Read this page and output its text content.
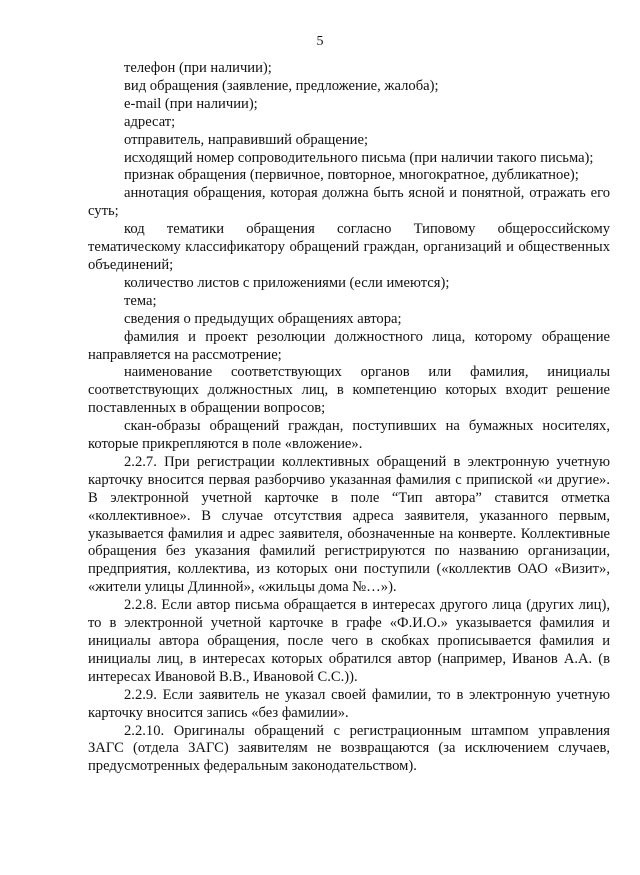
5

телефон (при наличии);

вид обращения (заявление, предложение, жалоба);

e-mail (при наличии);

адресат;

отправитель, направивший обращение;

исходящий номер сопроводительного письма (при наличии такого письма);

признак обращения (первичное, повторное, многократное, дубликатное);

аннотация обращения, которая должна быть ясной и понятной, отражать его суть;

код тематики обращения согласно Типовому общероссийскому тематическому классификатору обращений граждан, организаций и общественных объединений;

количество листов с приложениями (если имеются);

тема;

сведения о предыдущих обращениях автора;

фамилия и проект резолюции должностного лица, которому обращение направляется на рассмотрение;

наименование соответствующих органов или фамилия, инициалы соответствующих должностных лиц, в компетенцию которых входит решение поставленных в обращении вопросов;

скан-образы обращений граждан, поступивших на бумажных носителях, которые прикрепляются в поле «вложение».

2.2.7. При регистрации коллективных обращений в электронную учетную карточку вносится первая разборчиво указанная фамилия с припиской «и другие». В электронной учетной карточке в поле “Тип автора” ставится отметка «коллективное». В случае отсутствия адреса заявителя, указанного первым, указывается фамилия и адрес заявителя, обозначенные на конверте. Коллективные обращения без указания фамилий регистрируются по названию организации, предприятия, коллектива, из которых они поступили («коллектив ОАО «Визит», «жители улицы Длинной», «жильцы дома №…»).

2.2.8. Если автор письма обращается в интересах другого лица (других лиц), то в электронной учетной карточке в графе «Ф.И.О.» указывается фамилия и инициалы автора обращения, после чего в скобках прописывается фамилия и инициалы лиц, в интересах которых обратился автор (например, Иванов А.А. (в интересах Ивановой В.В., Ивановой С.С.)).

2.2.9. Если заявитель не указал своей фамилии, то в электронную учетную карточку вносится запись «без фамилии».

2.2.10. Оригиналы обращений с регистрационным штампом управления ЗАГС (отдела ЗАГС) заявителям не возвращаются (за исключением случаев, предусмотренных федеральным законодательством).
